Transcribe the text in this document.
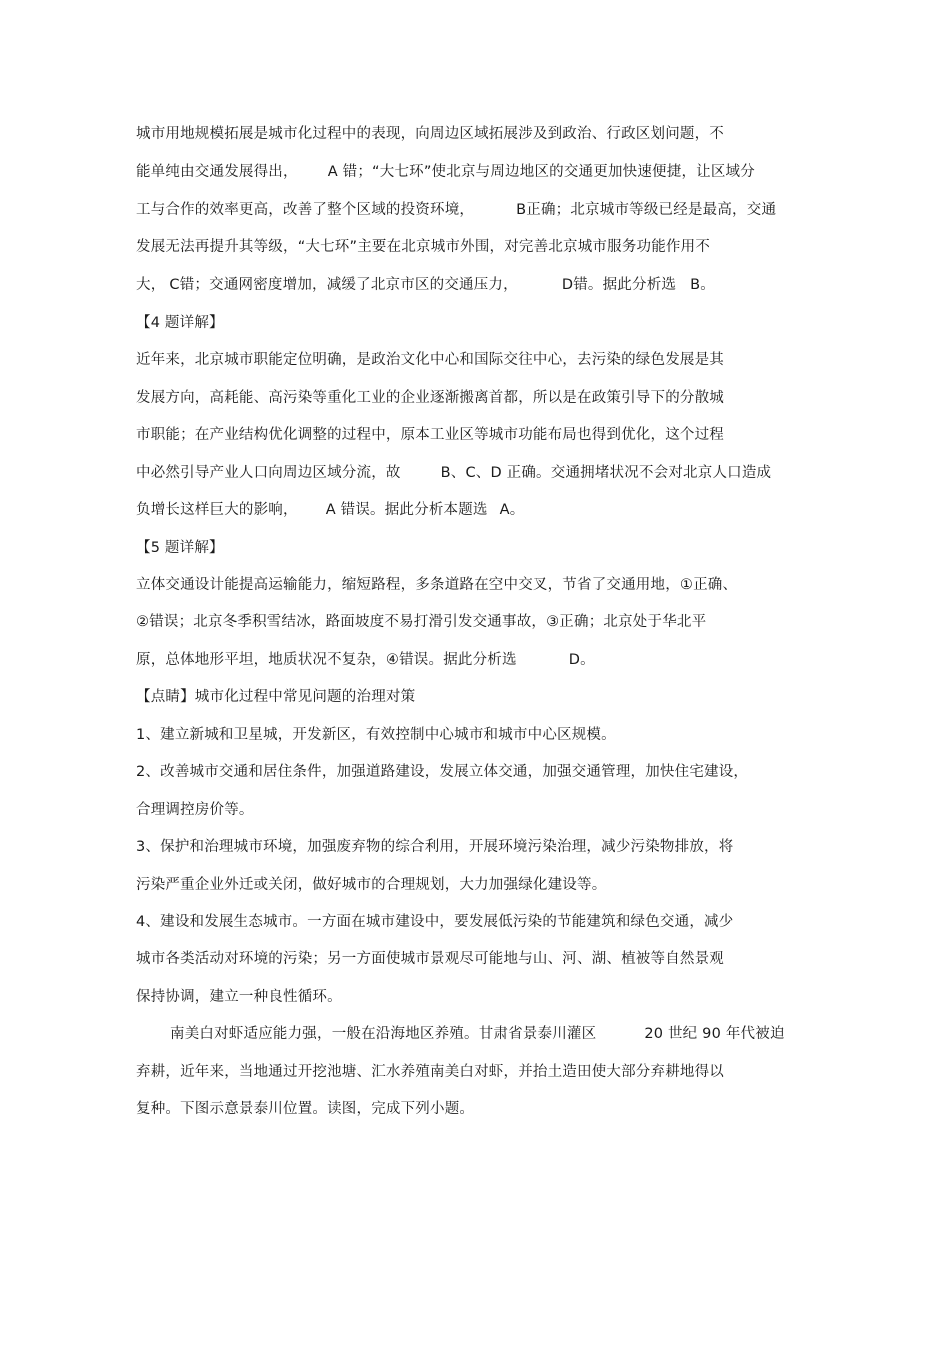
城市用地规模拓展是城市化过程中的表现，向周边区域拓展涉及到政治、行政区划问题，不
能单纯由交通发展得出， A 错；“大七环”使北京与周边地区的交通更加快速便捷，让区域分
工与合作的效率更高，改善了整个区域的投资环境，	B正确；北京城市等级已经是最高，交通
发展无法再提升其等级，“大七环”主要在北京城市外围，对完善北京城市服务功能作用不
大， C错；交通网密度增加，减缓了北京市区的交通压力，	D错。据此分析选 B。
【4 题详解】
近年来，北京城市职能定位明确，是政治文化中心和国际交往中心，去污染的绿色发展是其
发展方向，高耗能、高污染等重化工业的企业逐渐搬离首都，所以是在政策引导下的分散城
市职能；在产业结构优化调整的过程中，原本工业区等城市功能布局也得到优化，这个过程
中必然引导产业人口向周边区域分流，故	B、C、D 正确。交通拥堵状况不会对北京人口造成
负增长这样巨大的影响， A 错误。据此分析本题选 A。
【5 题详解】
立体交通设计能提高运输能力，缩短路程，多条道路在空中交叉，节省了交通用地，①正确、
②错误；北京冬季积雪结冰，路面坡度不易打滑引发交通事故，③正确；北京处于华北平
原，总体地形平坦，地质状况不复杂，④错误。据此分析选	D。
【点睛】城市化过程中常见问题的治理对策
1、建立新城和卫星城，开发新区，有效控制中心城市和城市中心区规模。
2、改善城市交通和居住条件，加强道路建设，发展立体交通，加强交通管理，加快住宅建设，
合理调控房价等。
3、保护和治理城市环境，加强废弃物的综合利用，开展环境污染治理，减少污染物排放，将
污染严重企业外迁或关闭，做好城市的合理规划，大力加强绿化建设等。
4、建设和发展生态城市。一方面在城市建设中，要发展低污染的节能建筑和绿色交通，减少
城市各类活动对环境的污染；另一方面使城市景观尽可能地与山、河、湖、植被等自然景观
保持协调，建立一种良性循环。
南美白对虾适应能力强，一般在沿海地区养殖。甘肃省景泰川灌区	20 世纪 90 年代被迫
弃耕，近年来，当地通过开挖池塘、汇水养殖南美白对虾，并抬土造田使大部分弃耕地得以
复种。下图示意景泰川位置。读图，完成下列小题。
